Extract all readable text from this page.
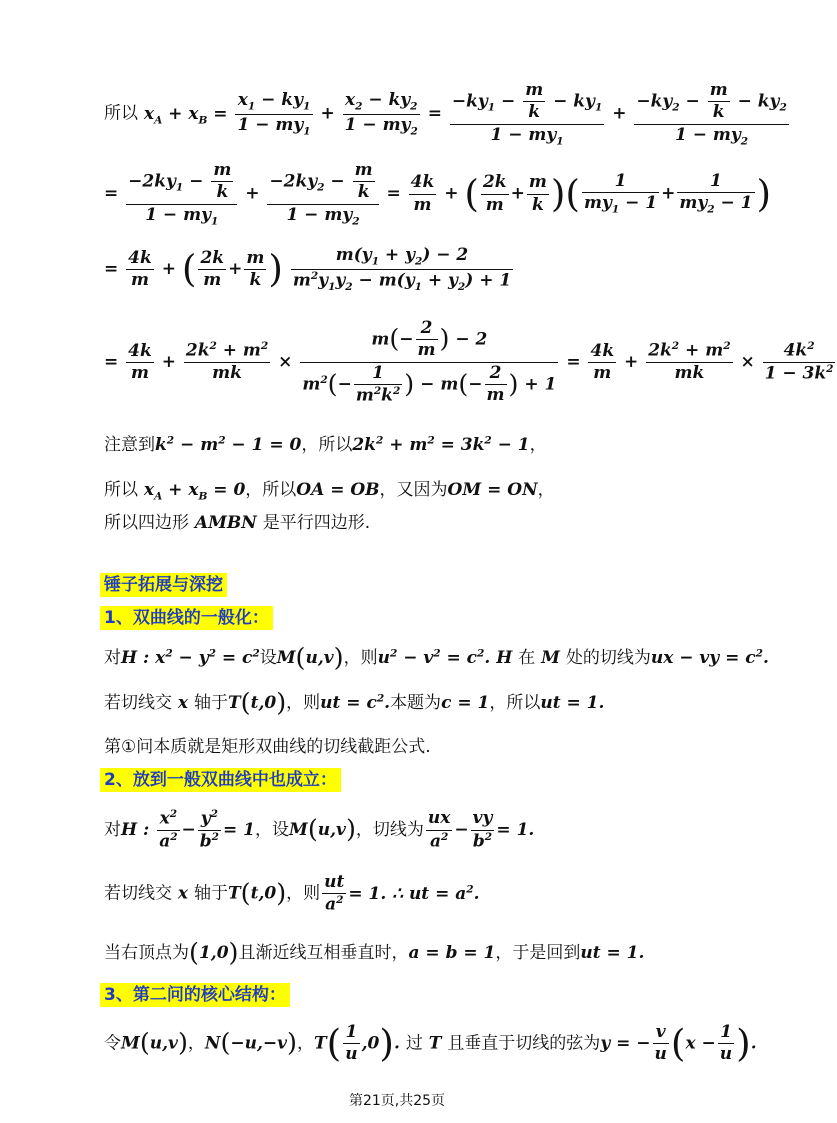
所以 $x_A + x_B = \frac{x_1 - ky_1}{1 - my_1} + \frac{x_2 - ky_2}{1 - my_2} = \frac{-ky_1 - \frac{m}{k} - ky_1}{1 - my_1} + \frac{-ky_2 - \frac{m}{k} - ky_2}{1 - my_2}$
= $\frac{-2ky_1 - \frac{m}{k}}{1 - my_1} + \frac{-2ky_2 - \frac{m}{k}}{1 - my_2} = \frac{4k}{m}$ + ( $\frac{2k}{m} + \frac{m}{k}$ )( $\frac{1}{my_1 - 1} + \frac{1}{my_2 - 1}$ )
= $\frac{4k}{m}$ + ( $\frac{2k}{m} + \frac{m}{k}$ ) $\frac{m(y_1 + y_2) - 2}{m^2y_1y_2 - m(y_1 + y_2) + 1}$
= $\frac{4k}{m} + \frac{2k^2 + m^2}{mk} \times \frac{m(- \frac{2}{m} ) - 2}{m^2(- \frac{1}{m^2k^2} ) - m(- \frac{2}{m} ) + 1} = \frac{4k}{m} + \frac{2k^2 + m^2}{mk} \times \frac{4k^2}{1 - 3k^2}$
注意到$k^2 - m^2 - 1 = 0$，所以$2k^2 + m^2 = 3k^2 - 1$，
所以 $x_A + x_B = 0$，所以OA = OB，又因为OM = ON，
所以四边形 AMBN 是平行四边形.
锤子拓展与深挖
1、双曲线的一般化：
对H : $x^2 - y^2 = c^2$设M(u,v)，则$u^2 - v^2 = c^2$. H 在 M 处的切线为ux − vy = $c^2$.
若切线交 x 轴于T(t,0)，则ut = $c^2$.本题为c = 1，所以ut = 1.
第①问本质就是矩形双曲线的切线截距公式.
2、放到一般双曲线中也成立：
对H : $\frac{x^2}{a^2} - \frac{y^2}{b^2} = 1$，设M(u,v)，切线为 $\frac{ux}{a^2} - \frac{vy}{b^2} = 1$.
若切线交 x 轴于T(t,0)，则 $\frac{ut}{a^2} = 1$. ∴ ut = $a^2$.
当右顶点为(1,0)且渐近线互相垂直时，a = b = 1，于是回到ut = 1.
3、第二问的核心结构：
令M(u,v)，N(−u,−v)，$T( \frac{1}{u} ,0)$. 过 T 且垂直于切线的弦为y = − $\frac{v}{u} (x - \frac{1}{u}$ ).
第21页,共25页
